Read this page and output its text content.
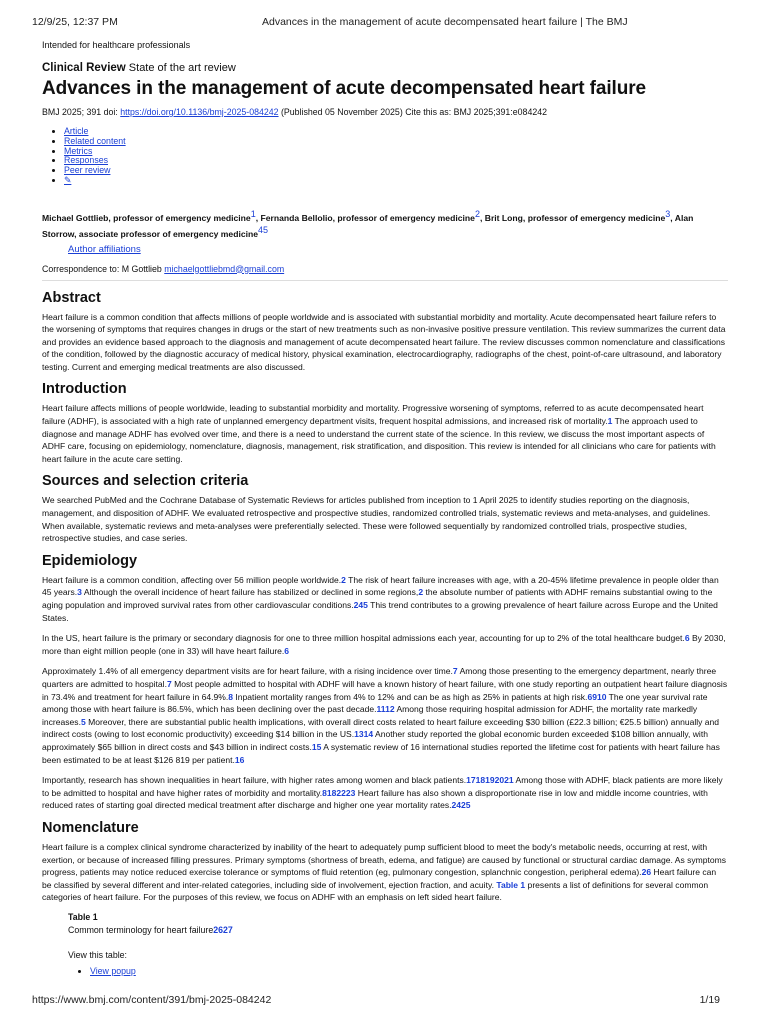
12/9/25, 12:37 PM	Advances in the management of acute decompensated heart failure | The BMJ

Intended for healthcare professionals

Clinical Review State of the art review

Advances in the management of acute decompensated heart failure

BMJ 2025; 391 doi: https://doi.org/10.1136/bmj-2025-084242 (Published 05 November 2025) Cite this as: BMJ 2025;391:e084242

• Article
• Related content
• Metrics
• Responses
• Peer review
• ✎

Michael Gottlieb, professor of emergency medicine$^1$, Fernanda Bellolio, professor of emergency medicine$^2$, Brit Long, professor of emergency medicine$^3$, Alan Storrow, associate professor of emergency medicine$^{45}$

Author affiliations

Correspondence to: M Gottlieb michaelgottliebmd@gmail.com

Abstract

Heart failure is a common condition that affects millions of people worldwide and is associated with substantial morbidity and mortality. Acute decompensated heart failure refers to the worsening of symptoms that requires changes in drugs or the start of new treatments such as non-invasive positive pressure ventilation. This review summarizes the current data and provides an evidence based approach to the diagnosis and management of acute decompensated heart failure. The review discusses common nomenclature and classifications of the condition, followed by the diagnostic accuracy of medical history, physical examination, electrocardiography, radiographs of the chest, point-of-care ultrasound, and laboratory testing. Current and emerging medical treatments are also discussed.

Introduction

Heart failure affects millions of people worldwide, leading to substantial morbidity and mortality. Progressive worsening of symptoms, referred to as acute decompensated heart failure (ADHF), is associated with a high rate of unplanned emergency department visits, frequent hospital admissions, and increased risk of mortality.1 The approach used to diagnose and manage ADHF has evolved over time, and there is a need to understand the current state of the science. In this review, we discuss the most important aspects of ADHF care, focusing on epidemiology, nomenclature, diagnosis, management, risk stratification, and disposition. This review is intended for all clinicians who care for patients with heart failure in the acute care setting.

Sources and selection criteria

We searched PubMed and the Cochrane Database of Systematic Reviews for articles published from inception to 1 April 2025 to identify studies reporting on the diagnosis, management, and disposition of ADHF. We evaluated retrospective and prospective studies, randomized controlled trials, systematic reviews and meta-analyses, and guidelines. When available, systematic reviews and meta-analyses were preferentially selected. These were followed sequentially by randomized controlled trials, prospective studies, retrospective studies, and case series.

Epidemiology

Heart failure is a common condition, affecting over 56 million people worldwide.2 The risk of heart failure increases with age, with a 20-45% lifetime prevalence in people older than 45 years.3 Although the overall incidence of heart failure has stabilized or declined in some regions,2 the absolute number of patients with ADHF remains substantial owing to the aging population and improved survival rates from other cardiovascular conditions.245 This trend contributes to a growing prevalence of heart failure across Europe and the United States.

In the US, heart failure is the primary or secondary diagnosis for one to three million hospital admissions each year, accounting for up to 2% of the total healthcare budget.6 By 2030, more than eight million people (one in 33) will have heart failure.6

Approximately 1.4% of all emergency department visits are for heart failure, with a rising incidence over time.7 Among those presenting to the emergency department, nearly three quarters are admitted to hospital.7 Most people admitted to hospital with ADHF will have a known history of heart failure, with one study reporting an outpatient heart failure diagnosis in 73.4% and treatment for heart failure in 64.9%.8 Inpatient mortality ranges from 4% to 12% and can be as high as 25% in patients at high risk.6910 The one year survival rate among those with heart failure is 86.5%, which has been declining over the past decade.1112 Among those requiring hospital admission for ADHF, the mortality rate markedly increases.5 Moreover, there are substantial public health implications, with overall direct costs related to heart failure exceeding $30 billion (£22.3 billion; €25.5 billion) annually and indirect costs (owing to lost economic productivity) exceeding $14 billion in the US.1314 Another study reported the global economic burden exceeded $108 billion annually, with approximately $65 billion in direct costs and $43 billion in indirect costs.15 A systematic review of 16 international studies reported the lifetime cost for patients with heart failure has been estimated to be at least $126 819 per patient.16

Importantly, research has shown inequalities in heart failure, with higher rates among women and black patients.1718192021 Among those with ADHF, black patients are more likely to be admitted to hospital and have higher rates of morbidity and mortality.8182223 Heart failure has also shown a disproportionate rise in low and middle income countries, with reduced rates of starting goal directed medical treatment after discharge and higher one year mortality rates.2425

Nomenclature

Heart failure is a complex clinical syndrome characterized by inability of the heart to adequately pump sufficient blood to meet the body's metabolic needs, occurring at rest, with exertion, or because of increased filling pressures. Primary symptoms (shortness of breath, edema, and fatigue) are caused by functional or structural cardiac damage. As symptoms progress, patients may notice reduced exercise tolerance or symptoms of fluid retention (eg, pulmonary congestion, splanchnic congestion, peripheral edema).26 Heart failure can be classified by several different and inter-related categories, including side of involvement, ejection fraction, and acuity. Table 1 presents a list of definitions for several common categories of heart failure. For the purposes of this review, we focus on ADHF with an emphasis on left sided heart failure.

Table 1

Common terminology for heart failure2627

View this table:

• View popup
https://www.bmj.com/content/391/bmj-2025-084242	1/19
